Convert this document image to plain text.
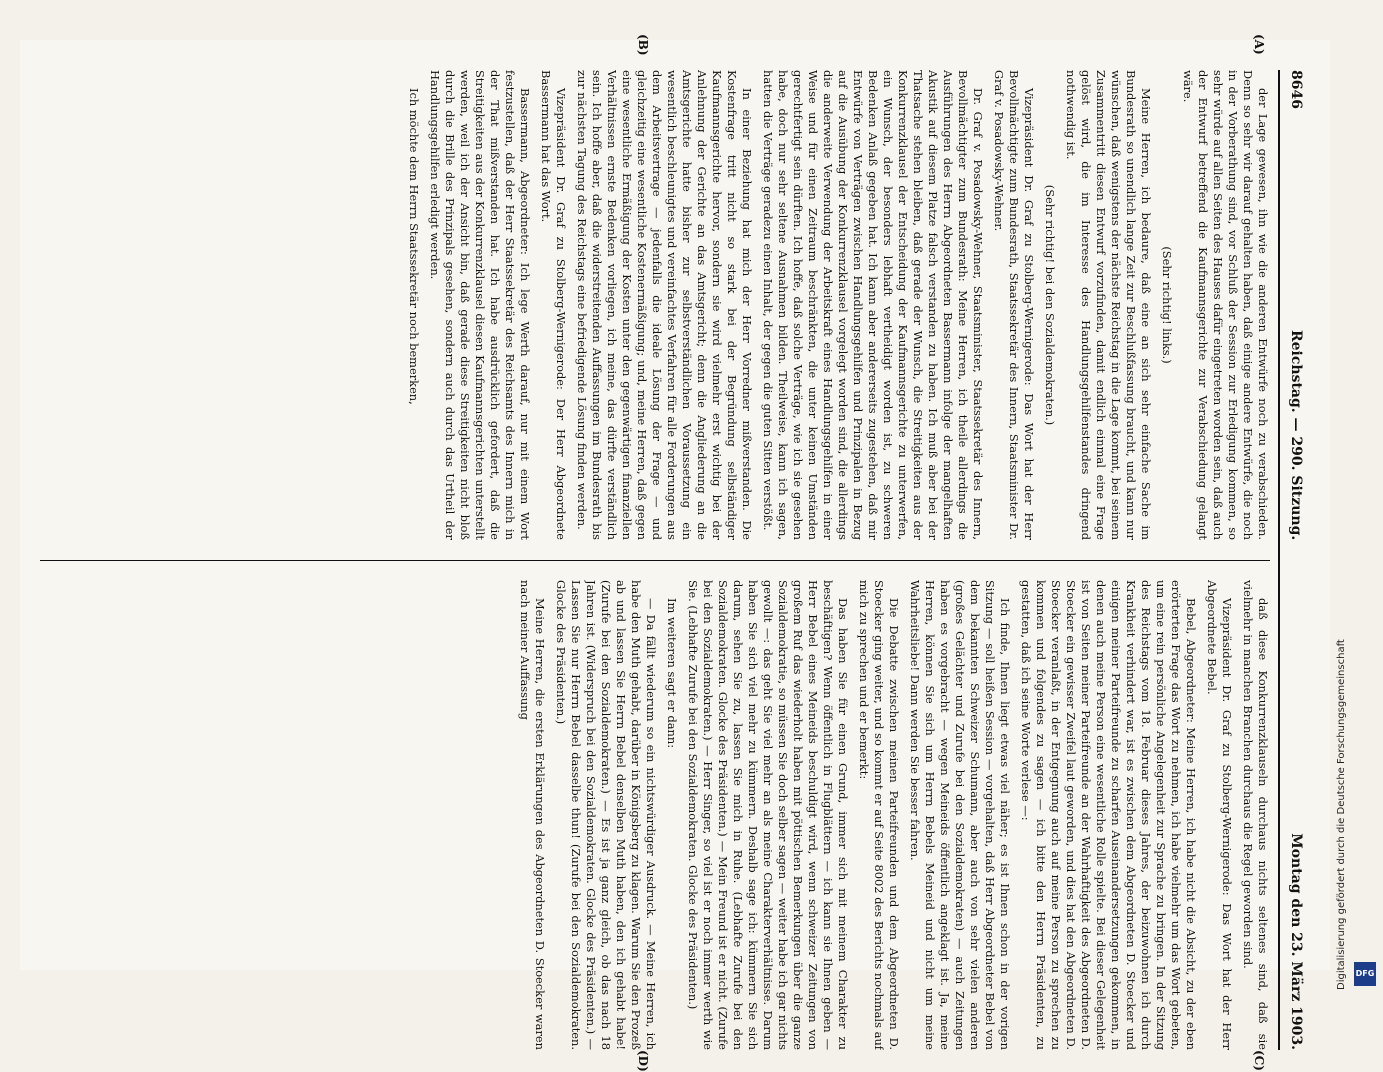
8646
Reichstag. — 290. Sitzung.
Montag den 23. März 1903.
(A)
(B)
(C)
(D)

der Lage gewesen, ihn wie die anderen Entwürfe noch zu verabschieden. Denn so sehr wir darauf gehalten haben, daß einige andere Entwürfe, die noch in der Vorberathung sind, vor Schluß der Session zur Erledigung kommen, so sehr würde auf allen Seiten des Hauses dafür eingetreten worden sein, daß auch der Entwurf betreffend die Kaufmannsgerichte zur Verabschiedung gelangt wäre.

(Sehr richtig! links.)

Meine Herren, ich bedaure, daß eine an sich sehr einfache Sache im Bundesrath so unendlich lange Zeit zur Beschlußfassung braucht, und kann nur wünschen, daß wenigstens der nächste Reichstag in die Lage kommt, bei seinem Zusammentritt diesen Entwurf vorzufinden, damit endlich einmal eine Frage gelöst wird, die im Interesse des Handlungsgehilfenstandes dringend nothwendig ist.

(Sehr richtig! bei den Sozialdemokraten.)

Vizepräsident Dr. Graf zu Stolberg-Wernigerode: Das Wort hat der Herr Bevollmächtigte zum Bundesrath, Staatssekretär des Innern, Staatsminister Dr. Graf v. Posadowsky-Wehner.

Dr. Graf v. Posadowsky-Wehner, Staatsminister, Staatssekretär des Innern, Bevollmächtigter zum Bundesrath: Meine Herren, ich theile allerdings die Ausführungen des Herrn Abgeordneten Bassermann infolge der mangelhaften Akustik auf diesem Platze falsch verstanden zu haben. Ich muß aber bei der Thatsache stehen bleiben, daß gerade der Wunsch, die Streitigkeiten aus der Konkurrenzklausel der Entscheidung der Kaufmannsgerichte zu unterwerfen, ein Wunsch, der besonders lebhaft vertheidigt worden ist, zu schweren Bedenken Anlaß gegeben hat. Ich kann aber andererseits zugestehen, daß mir Entwürfe von Verträgen zwischen Handlungsgehilfen und Prinzipalen in Bezug auf die Ausübung der Konkurrenzklausel vorgelegt worden sind, die allerdings die anderweite Verwendung der Arbeitskraft eines Handlungsgehilfen in einer Weise und für einen Zeitraum beschränkten, die unter keinen Umständen gerechtfertigt sein dürften. Ich hoffe, daß solche Verträge, wie ich sie gesehen habe, doch nur sehr seltene Ausnahmen bilden. Theilweise, kann ich sagen, hatten die Verträge geradezu einen Inhalt, der gegen die guten Sitten verstößt.

In einer Beziehung hat mich der Herr Vorredner mißverstanden. Die Kostenfrage tritt nicht so stark bei der Begründung selbständiger Kaufmannsgerichte hervor, sondern sie wird vielmehr erst wichtig bei der Anlehnung der Gerichte an das Amtsgericht; denn die Angliederung an die Amtsgerichte hatte bisher zur selbstverständlichen Voraussetzung ein wesentlich beschleunigtes und vereinfachtes Verfahren für alle Forderungen aus dem Arbeitsvertrage — jedenfalls die ideale Lösung der Frage — und gleichzeitig eine wesentliche Kostenermäßigung; und, meine Herren, daß gegen eine wesentliche Ermäßigung der Kosten unter den gegenwärtigen finanziellen Verhältnissen ernste Bedenken vorliegen, ich meine, das dürfte verständlich sein. Ich hoffe aber, daß die widerstreitenden Auffassungen im Bundesrath bis zur nächsten Tagung des Reichstags eine befriedigende Lösung finden werden.

Vizepräsident Dr. Graf zu Stolberg-Wernigerode: Der Herr Abgeordnete Bassermann hat das Wort.

Bassermann, Abgeordneter: Ich lege Werth darauf, nur mit einem Wort festzustellen, daß der Herr Staatssekretär des Reichsamts des Innern mich in der That mißverstanden hat. Ich habe ausdrücklich gefordert, daß die Streitigkeiten aus der Konkurrenzklausel diesen Kaufmannsgerichten unterstellt werden, weil ich der Ansicht bin, daß gerade diese Streitigkeiten nicht bloß durch die Brille des Prinzipals gesehen, sondern auch durch das Urtheil der Handlungsgehilfen erledigt werden.

Ich möchte dem Herrn Staatssekretär noch bemerken,

daß diese Konkurrenzklauseln durchaus nichts seltenes sind, daß sie vielmehr in manchen Branchen durchaus die Regel geworden sind.

Vizepräsident Dr. Graf zu Stolberg-Wernigerode: Das Wort hat der Herr Abgeordnete Bebel.

Bebel, Abgeordneter: Meine Herren, ich habe nicht die Absicht, zu der eben erörterten Frage das Wort zu nehmen, ich habe vielmehr um das Wort gebeten, um eine rein persönliche Angelegenheit zur Sprache zu bringen. In der Sitzung des Reichstags vom 18. Februar dieses Jahres, der beizuwohnen ich durch Krankheit verhindert war, ist es zwischen dem Abgeordneten D. Stoecker und einigen meiner Parteifreunde zu scharfen Auseinandersetzungen gekommen, in denen auch meine Person eine wesentliche Rolle spielte. Bei dieser Gelegenheit ist von Seiten meiner Parteifreunde an der Wahrhaftigkeit des Abgeordneten D. Stoecker ein gewisser Zweifel laut geworden, und dies hat den Abgeordneten D. Stoecker veranlaßt, in der Entgegnung auch auf meine Person zu sprechen zu kommen und folgendes zu sagen — ich bitte den Herrn Präsidenten, zu gestatten, daß ich seine Worte verlese —:

Ich finde, Ihnen liegt etwas viel näher; es ist Ihnen schon in der vorigen Sitzung — soll heißen Session — vorgehalten, daß Herr Abgeordneter Bebel von dem bekannten Schweizer Schumann, aber auch von sehr vielen anderen (großes Gelächter und Zurufe bei den Sozialdemokraten) — auch Zeitungen haben es vorgebracht — wegen Meineids öffentlich angeklagt ist. Ja, meine Herren, können Sie sich um Herrn Bebels Meineid und nicht um meine Wahrheitsliebe! Dann werden Sie besser fahren.

Die Debatte zwischen meinen Parteifreunden und dem Abgeordneten D. Stoecker ging weiter, und so kommt er auf Seite 8002 des Berichts nochmals auf mich zu sprechen und er bemerkt:

Das haben Sie für einen Grund, immer sich mit meinem Charakter zu beschäftigen? Wenn öffentlich in Flugblättern — ich kann sie Ihnen geben — Herr Bebel eines Meineids beschuldigt wird, wenn schweizer Zeitungen von großem Ruf das wiederholt haben mit pöttischen Bemerkungen über die ganze Sozialdemokratie, so müssen Sie doch selber sagen — weiter habe ich gar nichts gewollt —: das geht Sie viel mehr an als meine Charakterverhältnisse. Darum haben Sie sich viel mehr zu kümmern. Deshalb sage ich: kümmern Sie sich darum, sehen Sie zu, lassen Sie mich in Ruhe. (Lebhafte Zurufe bei den Sozialdemokraten. Glocke des Präsidenten.) — Mein Freund ist er nicht. (Zurufe bei den Sozialdemokraten.) — Herr Singer, so viel ist er noch immer werth wie Sie. (Lebhafte Zurufe bei den Sozialdemokraten. Glocke des Präsidenten.)

Im weiteren sagt er dann:

— Da fällt wiederum so ein nichtswürdiger Ausdruck. — Meine Herren, ich habe den Muth gehabt, darüber in Königsberg zu klagen. Warum Sie den Prozeß ab und lassen Sie Herrn Bebel denselben Muth haben, den ich gehabt habe! (Zurufe bei den Sozialdemokraten.) — Es ist ja ganz gleich, ob das nach 18 Jahren ist. (Widerspruch bei den Sozialdemokraten. Glocke des Präsidenten.) — Lassen Sie nur Herrn Bebel dasselbe thun! (Zurufe bei den Sozialdemokraten. Glocke des Präsidenten.)

Meine Herren, die ersten Erklärungen des Abgeordneten D. Stoecker waren nach meiner Auffassung	Digitalisierung gefördert durch die Deutsche Forschungsgemeinschaft	DFG
